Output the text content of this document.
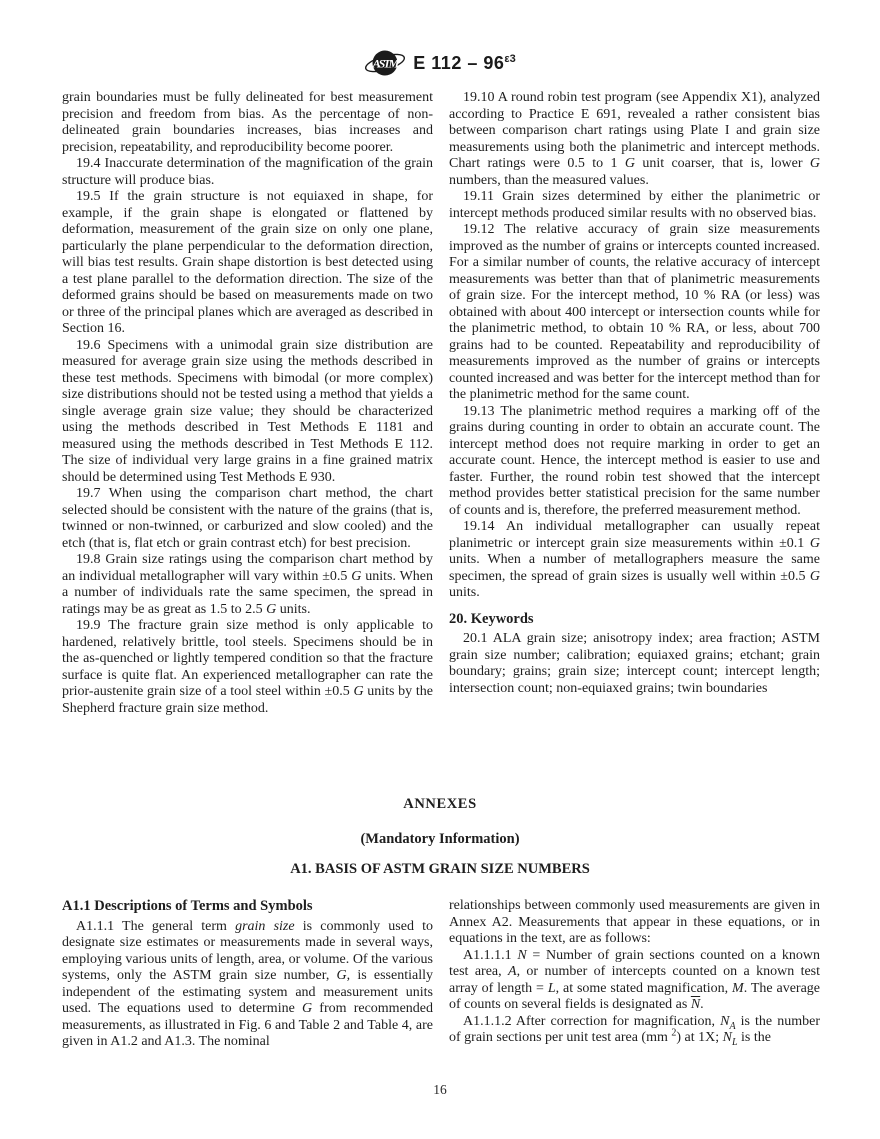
ASTM E $112 - 96^{\varepsilon 3}$
grain boundaries must be fully delineated for best measurement precision and freedom from bias. As the percentage of non-delineated grain boundaries increases, bias increases and precision, repeatability, and reproducibility become poorer.
19.4 Inaccurate determination of the magnification of the grain structure will produce bias.
19.5 If the grain structure is not equiaxed in shape, for example, if the grain shape is elongated or flattened by deformation, measurement of the grain size on only one plane, particularly the plane perpendicular to the deformation direction, will bias test results. Grain shape distortion is best detected using a test plane parallel to the deformation direction. The size of the deformed grains should be based on measurements made on two or three of the principal planes which are averaged as described in Section 16.
19.6 Specimens with a unimodal grain size distribution are measured for average grain size using the methods described in these test methods. Specimens with bimodal (or more complex) size distributions should not be tested using a method that yields a single average grain size value; they should be characterized using the methods described in Test Methods E 1181 and measured using the methods described in Test Methods E 112. The size of individual very large grains in a fine grained matrix should be determined using Test Methods E 930.
19.7 When using the comparison chart method, the chart selected should be consistent with the nature of the grains (that is, twinned or non-twinned, or carburized and slow cooled) and the etch (that is, flat etch or grain contrast etch) for best precision.
19.8 Grain size ratings using the comparison chart method by an individual metallographer will vary within ±0.5 G units. When a number of individuals rate the same specimen, the spread in ratings may be as great as 1.5 to 2.5 G units.
19.9 The fracture grain size method is only applicable to hardened, relatively brittle, tool steels. Specimens should be in the as-quenched or lightly tempered condition so that the fracture surface is quite flat. An experienced metallographer can rate the prior-austenite grain size of a tool steel within ±0.5 G units by the Shepherd fracture grain size method.
19.10 A round robin test program (see Appendix X1), analyzed according to Practice E 691, revealed a rather consistent bias between comparison chart ratings using Plate I and grain size measurements using both the planimetric and intercept methods. Chart ratings were 0.5 to 1 G unit coarser, that is, lower G numbers, than the measured values.
19.11 Grain sizes determined by either the planimetric or intercept methods produced similar results with no observed bias.
19.12 The relative accuracy of grain size measurements improved as the number of grains or intercepts counted increased. For a similar number of counts, the relative accuracy of intercept measurements was better than that of planimetric measurements of grain size. For the intercept method, 10 % RA (or less) was obtained with about 400 intercept or intersection counts while for the planimetric method, to obtain 10 % RA, or less, about 700 grains had to be counted. Repeatability and reproducibility of measurements improved as the number of grains or intercepts counted increased and was better for the intercept method than for the planimetric method for the same count.
19.13 The planimetric method requires a marking off of the grains during counting in order to obtain an accurate count. The intercept method does not require marking in order to get an accurate count. Hence, the intercept method is easier to use and faster. Further, the round robin test showed that the intercept method provides better statistical precision for the same number of counts and is, therefore, the preferred measurement method.
19.14 An individual metallographer can usually repeat planimetric or intercept grain size measurements within ±0.1 G units. When a number of metallographers measure the same specimen, the spread of grain sizes is usually well within ±0.5 G units.
20. Keywords
20.1 ALA grain size; anisotropy index; area fraction; ASTM grain size number; calibration; equiaxed grains; etchant; grain boundary; grains; grain size; intercept count; intercept length; intersection count; non-equiaxed grains; twin boundaries
ANNEXES
(Mandatory Information)
A1. BASIS OF ASTM GRAIN SIZE NUMBERS
A1.1 Descriptions of Terms and Symbols
A1.1.1 The general term grain size is commonly used to designate size estimates or measurements made in several ways, employing various units of length, area, or volume. Of the various systems, only the ASTM grain size number, G, is essentially independent of the estimating system and measurement units used. The equations used to determine G from recommended measurements, as illustrated in Fig. 6 and Table 2 and Table 4, are given in A1.2 and A1.3. The nominal
relationships between commonly used measurements are given in Annex A2. Measurements that appear in these equations, or in equations in the text, are as follows:
A1.1.1.1 N = Number of grain sections counted on a known test area, A, or number of intercepts counted on a known test array of length = L, at some stated magnification, M. The average of counts on several fields is designated as $\overline{N}$.
A1.1.1.2 After correction for magnification, $N_A$ is the number of grain sections per unit test area (mm $^2$) at 1X; $N_L$ is the
16
